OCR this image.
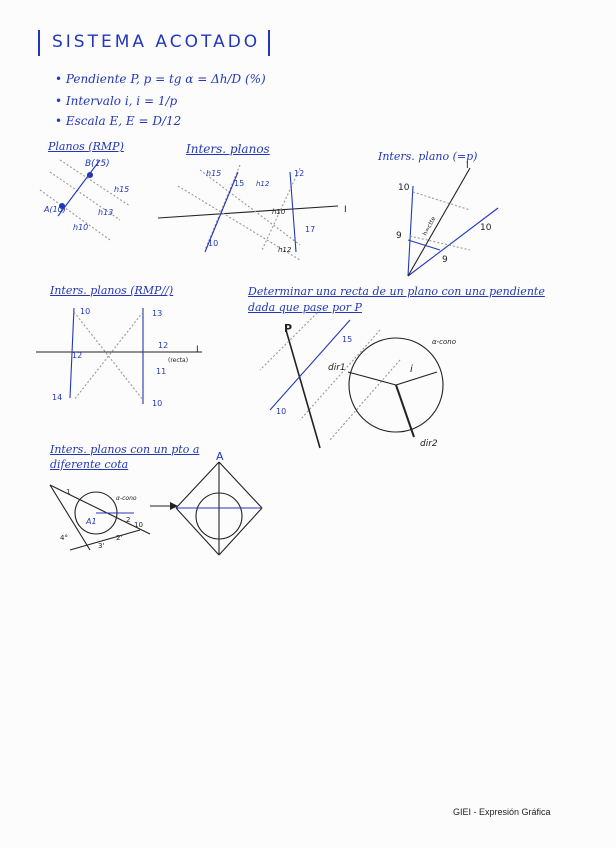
SISTEMA ACOTADO
• Pendiente P, p = tg α = Δh/D (%)
• Intervalo i, i = 1/p
• Escala E, E = D/12
Planos (RMP)	Inters. planos
Inters. plano (=p)
Inters. planos (RMP//)	Determinar una recta de un plano con una pendiente dada que pase por P
Inters. planos con un pto a diferente cota
B(15)
A(10)
h15
h13
h10
h15
15 h12
12
I
h10
17
10
h12
10
9
10
9
I
h=ctte
10	13
12
12
11
14
10
I
(recta)
P
15
10
dir1	i
dir2
α-cono
A
α-cono
1
2
A1
4°	2'
10
3'
GIEI - Expresión Gráfica
